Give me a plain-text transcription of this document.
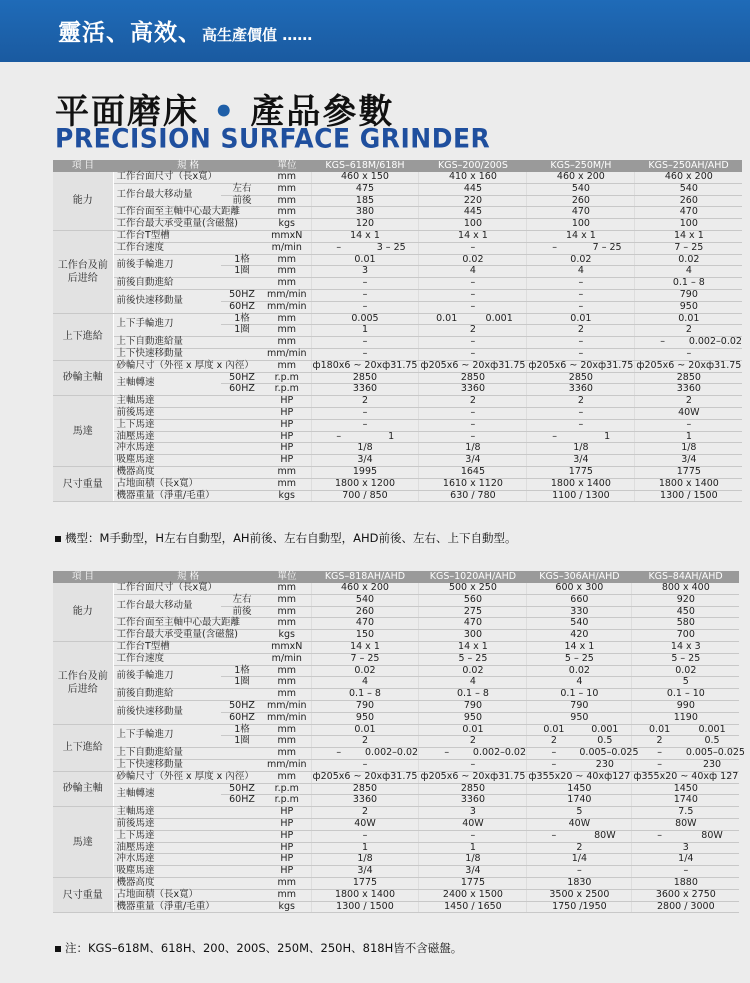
靈活、高效、高生產價值 ……
平面磨床 • 產品參數
PRECISION SURFACE GRINDER
項 目	規 格		單位	KGS–618M/618H	KGS–200/200S	KGS–250M/H	KGS–250AH/AHD
能力	工作台面尺寸（長x寬）		mm	460 x 150	410 x 160	460 x 200	460 x 200
	工作台最大移动量	左右	mm	475	445	540	540
		前後	mm	185	220	260	260
	工作台面至主軸中心最大距離		mm	380	445	470	470
	工作台最大承受重量(含磁盤)		kgs	120	100	100	100
工作台及前后进给	工作台T型槽		mmxN	14 x 1	14 x 1	14 x 1	14 x 1
	工作台速度		m/min	– 3 – 25	–	– 7 – 25	7 – 25
	前後手輪進刀	1格	mm	0.01	0.02	0.02	0.02
		1圈	mm	3	4	4	4
	前後自動進給		mm	–	–	–	0.1 – 8
	前後快速移動量	50HZ	mm/min	–	–	–	790
		60HZ	mm/min	–	–	–	950
上下進給	上下手輪進刀	1格	mm	0.005	0.01 0.001	0.01	0.01
		1圈	mm	1	2	2	2
	上下自動進給量		mm	–	–	–	– 0.002–0.02

	上下快速移動量		mm/min	–	–	–	–
砂輪主軸	砂輪尺寸（外徑 x 厚度 x 內徑）		mm	ф180x6 ~ 20xф31.75	ф205x6 ~ 20xф31.75	ф205x6 ~ 20xф31.75	ф205x6 ~ 20xф31.75
	主軸轉速	50HZ	r.p.m	2850	2850	2850	2850
		60HZ	r.p.m	3360	3360	3360	3360
馬達	主軸馬達		HP	2	2	2	2
	前後馬達		HP	–	–	–	40W
	上下馬達		HP	–	–	–	–
	油壓馬達		HP	– 1	–	– 1	1
	冲水馬達		HP	1/8	1/8	1/8	1/8
	吸塵馬達		HP	3/4	3/4	3/4	3/4
尺寸重量	機器高度		mm	1995	1645	1775	1775
	占地面積（長x寬）		mm	1800 x 1200	1610 x 1120	1800 x 1400	1800 x 1400
	機器重量（淨重/毛重）		kgs	700 / 850	630 / 780	1100 / 1300	1300 / 1500
機型：M手動型，H左右自動型，AH前後、左右自動型，AHD前後、左右、上下自動型。
項 目	規 格		單位	KGS–818AH/AHD	KGS–1020AH/AHD	KGS–306AH/AHD	KGS–84AH/AHD
能力	工作台面尺寸（長x寬）		mm	460 x 200	500 x 250	600 x 300	800 x 400
	工作台最大移动量	左右	mm	540	560	660	920
		前後	mm	260	275	330	450
	工作台面至主軸中心最大距離		mm	470	470	540	580
	工作台最大承受重量(含磁盤)		kgs	150	300	420	700
工作台及前后进给	工作台T型槽		mmxN	14 x 1	14 x 1	14 x 1	14 x 3
	工作台速度		m/min	7 – 25	5 – 25	5 – 25	5 – 25
	前後手輪進刀	1格	mm	0.02	0.02	0.02	0.02
		1圈	mm	4	4	4	5
	前後自動進給		mm	0.1 – 8	0.1 – 8	0.1 – 10	0.1 – 10
	前後快速移動量	50HZ	mm/min	790	790	790	990
		60HZ	mm/min	950	950	950	1190
上下進給	上下手輪進刀	1格	mm	0.01	0.01	0.01 0.001	0.01 0.001

		1圈	mm	2	2	2 0.5	2 0.5

	上下自動進給量		mm	– 0.002–0.02	– 0.002–0.02	– 0.005–0.025	– 0.005–0.025

	上下快速移動量		mm/min	–	–	– 230	– 230

砂輪主軸	砂輪尺寸（外徑 x 厚度 x 內徑）		mm	ф205x6 ~ 20xф31.75	ф205x6 ~ 20xф31.75	ф355x20 ~ 40xф127	ф355x20 ~ 40xф 127
	主軸轉速	50HZ	r.p.m	2850	2850	1450	1450
		60HZ	r.p.m	3360	3360	1740	1740
馬達	主軸馬達		HP	2	3	5	7.5
	前後馬達		HP	40W	40W	40W	80W
	上下馬達		HP	–	–	– 80W	– 80W

	油壓馬達		HP	1	1	2	3
	冲水馬達		HP	1/8	1/8	1/4	1/4
	吸塵馬達		HP	3/4	3/4	–	–
尺寸重量	機器高度		mm	1775	1775	1830	1880
	占地面積（長x寬）		mm	1800 x 1400	2400 x 1500	3500 x 2500	3600 x 2750
	機器重量（淨重/毛重）		kgs	1300 / 1500	1450 / 1650	1750 /1950	2800 / 3000
注：KGS–618M、618H、200、200S、250M、250H、818H皆不含磁盤。
